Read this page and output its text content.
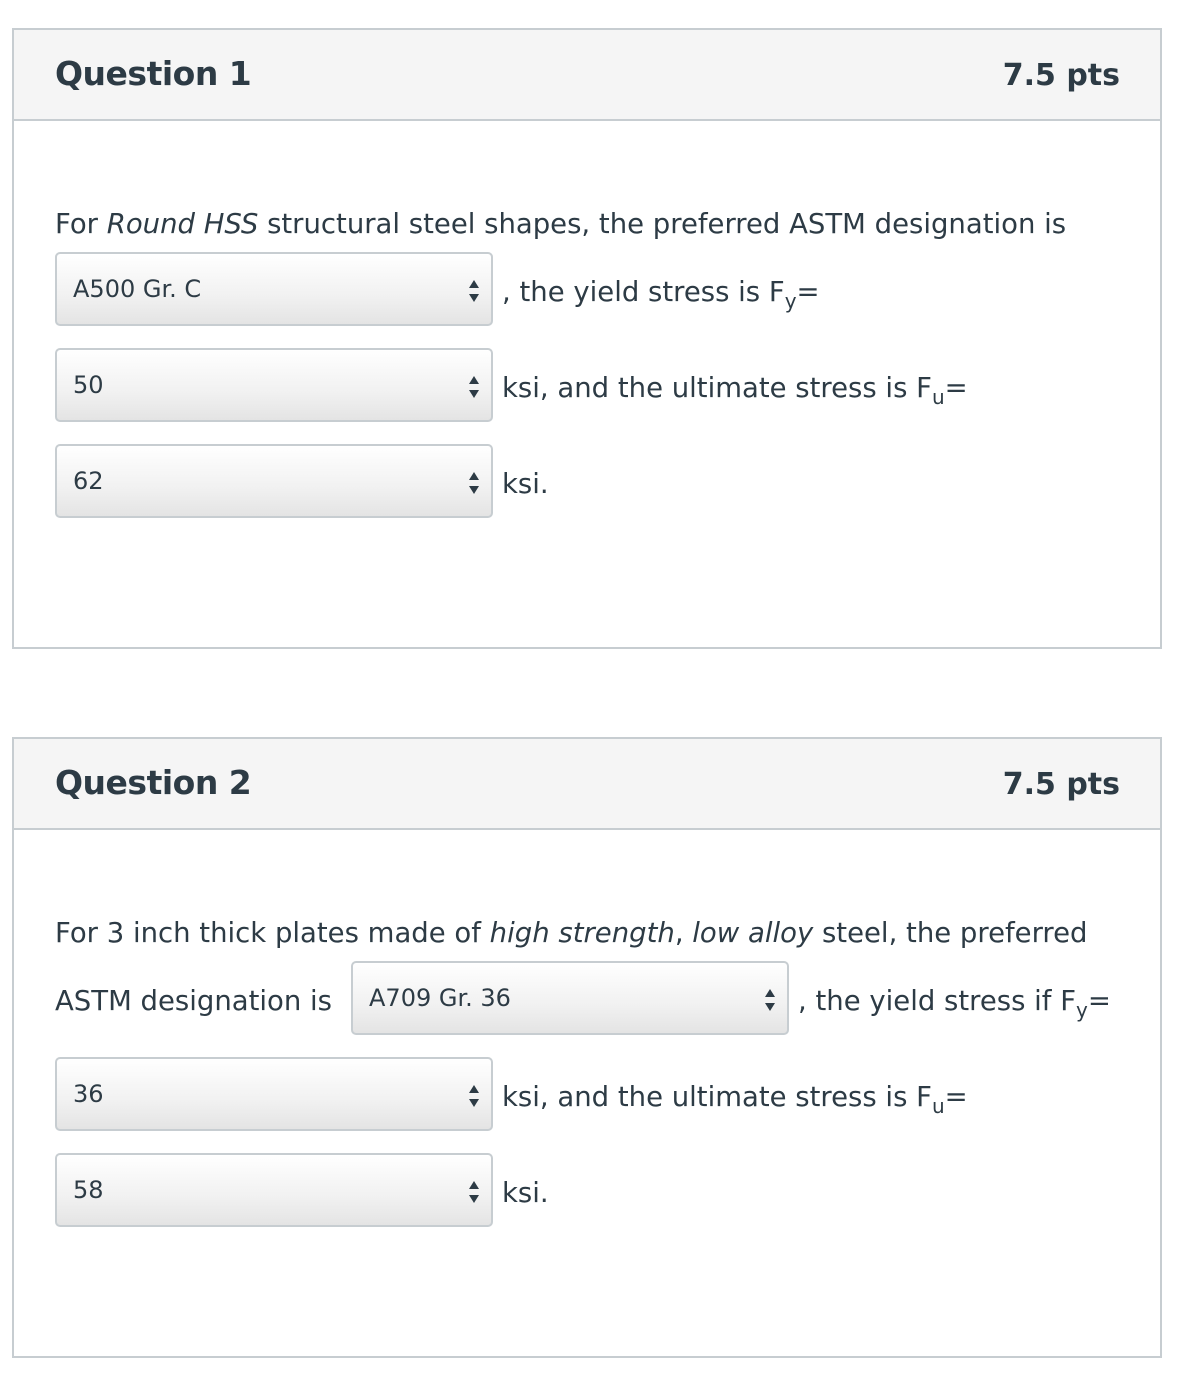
Question 1	7.5 pts
For Round HSS structural steel shapes, the preferred ASTM designation is
A500 Gr. C	, the yield stress is $F_y=$
50	ksi, and the ultimate stress is $F_u=$
62	ksi.
Question 2	7.5 pts
For 3 inch thick plates made of high strength, low alloy steel, the preferred
ASTM designation is A709 Gr. 36	, the yield stress if $F_y=$
36	ksi, and the ultimate stress is $F_u=$
58	ksi.
